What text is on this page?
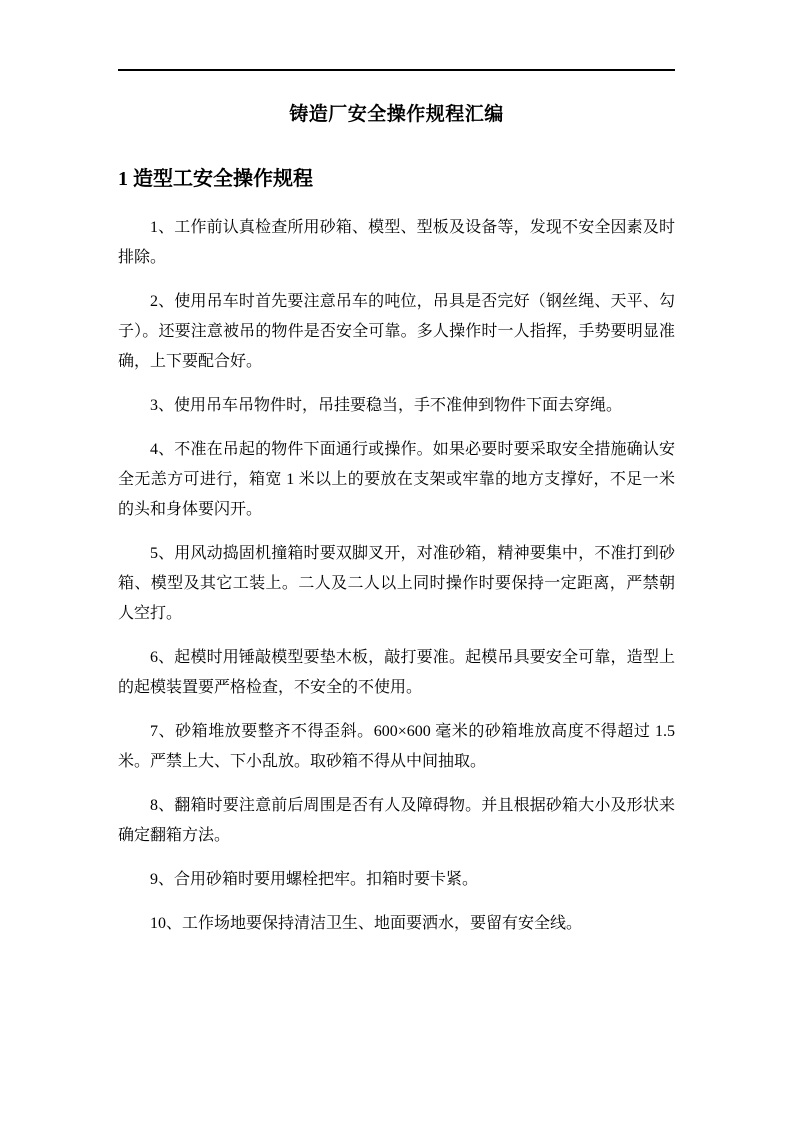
铸造厂安全操作规程汇编
1 造型工安全操作规程

1、工作前认真检查所用砂箱、模型、型板及设备等，发现不安全因素及时排除。

2、使用吊车时首先要注意吊车的吨位，吊具是否完好（钢丝绳、天平、勾子）。还要注意被吊的物件是否安全可靠。多人操作时一人指挥，手势要明显准确，上下要配合好。

3、使用吊车吊物件时，吊挂要稳当，手不准伸到物件下面去穿绳。

4、不准在吊起的物件下面通行或操作。如果必要时要采取安全措施确认安全无恙方可进行，箱宽 1 米以上的要放在支架或牢靠的地方支撑好，不足一米的头和身体要闪开。

5、用风动捣固机撞箱时要双脚叉开，对准砂箱，精神要集中，不准打到砂箱、模型及其它工装上。二人及二人以上同时操作时要保持一定距离，严禁朝人空打。

6、起模时用锤敲模型要垫木板，敲打要准。起模吊具要安全可靠，造型上的起模装置要严格检查，不安全的不使用。

7、砂箱堆放要整齐不得歪斜。600×600 毫米的砂箱堆放高度不得超过 1.5 米。严禁上大、下小乱放。取砂箱不得从中间抽取。

8、翻箱时要注意前后周围是否有人及障碍物。并且根据砂箱大小及形状来确定翻箱方法。

9、合用砂箱时要用螺栓把牢。扣箱时要卡紧。

10、工作场地要保持清洁卫生、地面要洒水，要留有安全线。
